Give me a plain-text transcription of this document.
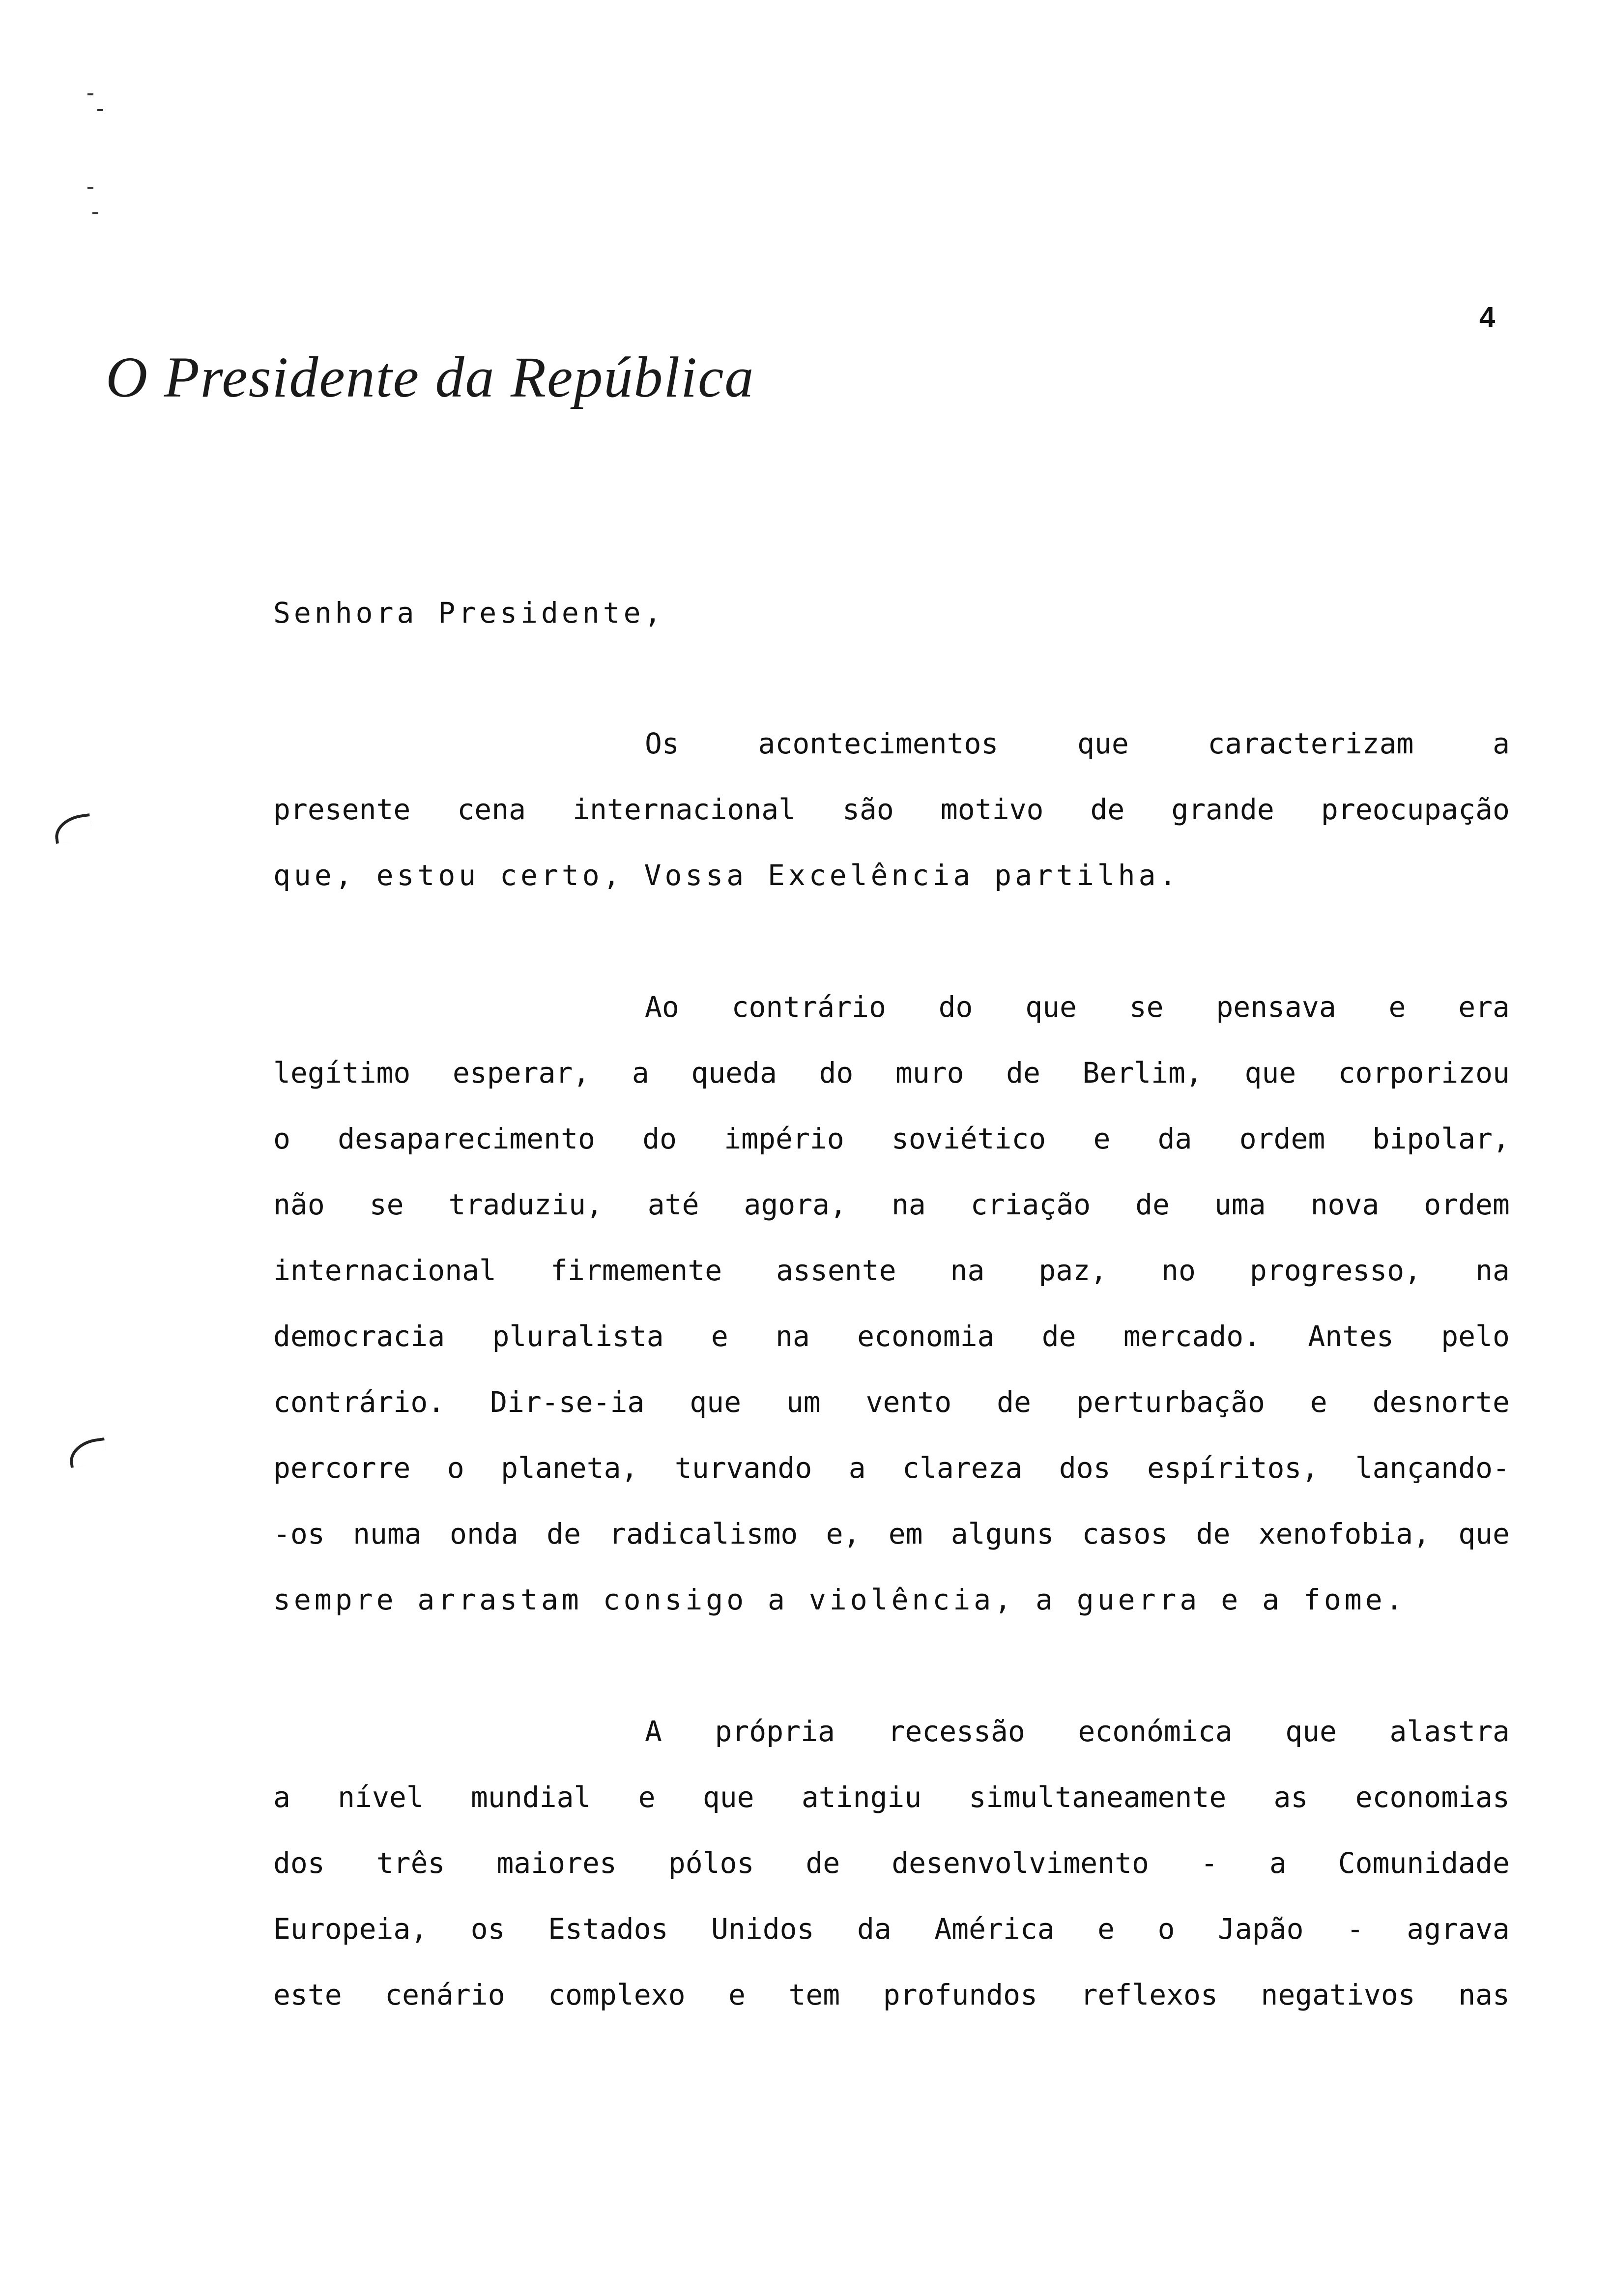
4
O Presidente da República
Senhora Presidente,
Os	acontecimentos	que	caracterizam	a
presente cena internacional são motivo de grande preocupação
que, estou certo, Vossa Excelência partilha.
Ao contrário do que se pensava e era
legítimo esperar, a queda do muro de Berlim, que corporizou
o desaparecimento do império soviético e da ordem bipolar,
não se traduziu, até agora, na criação de uma nova ordem
internacional firmemente assente na paz, no progresso, na
democracia pluralista e na economia de mercado. Antes pelo
contrário. Dir-se-ia que um vento de perturbação e desnorte
percorre o planeta, turvando a clareza dos espíritos, lançando-
-os numa onda de radicalismo e, em alguns casos de xenofobia, que
sempre arrastam consigo a violência, a guerra e a fome.
A própria recessão económica que alastra
a nível mundial e que atingiu simultaneamente as economias
dos três maiores pólos de desenvolvimento - a Comunidade
Europeia, os Estados Unidos da América e o Japão - agrava
este cenário complexo e tem profundos reflexos negativos nas
